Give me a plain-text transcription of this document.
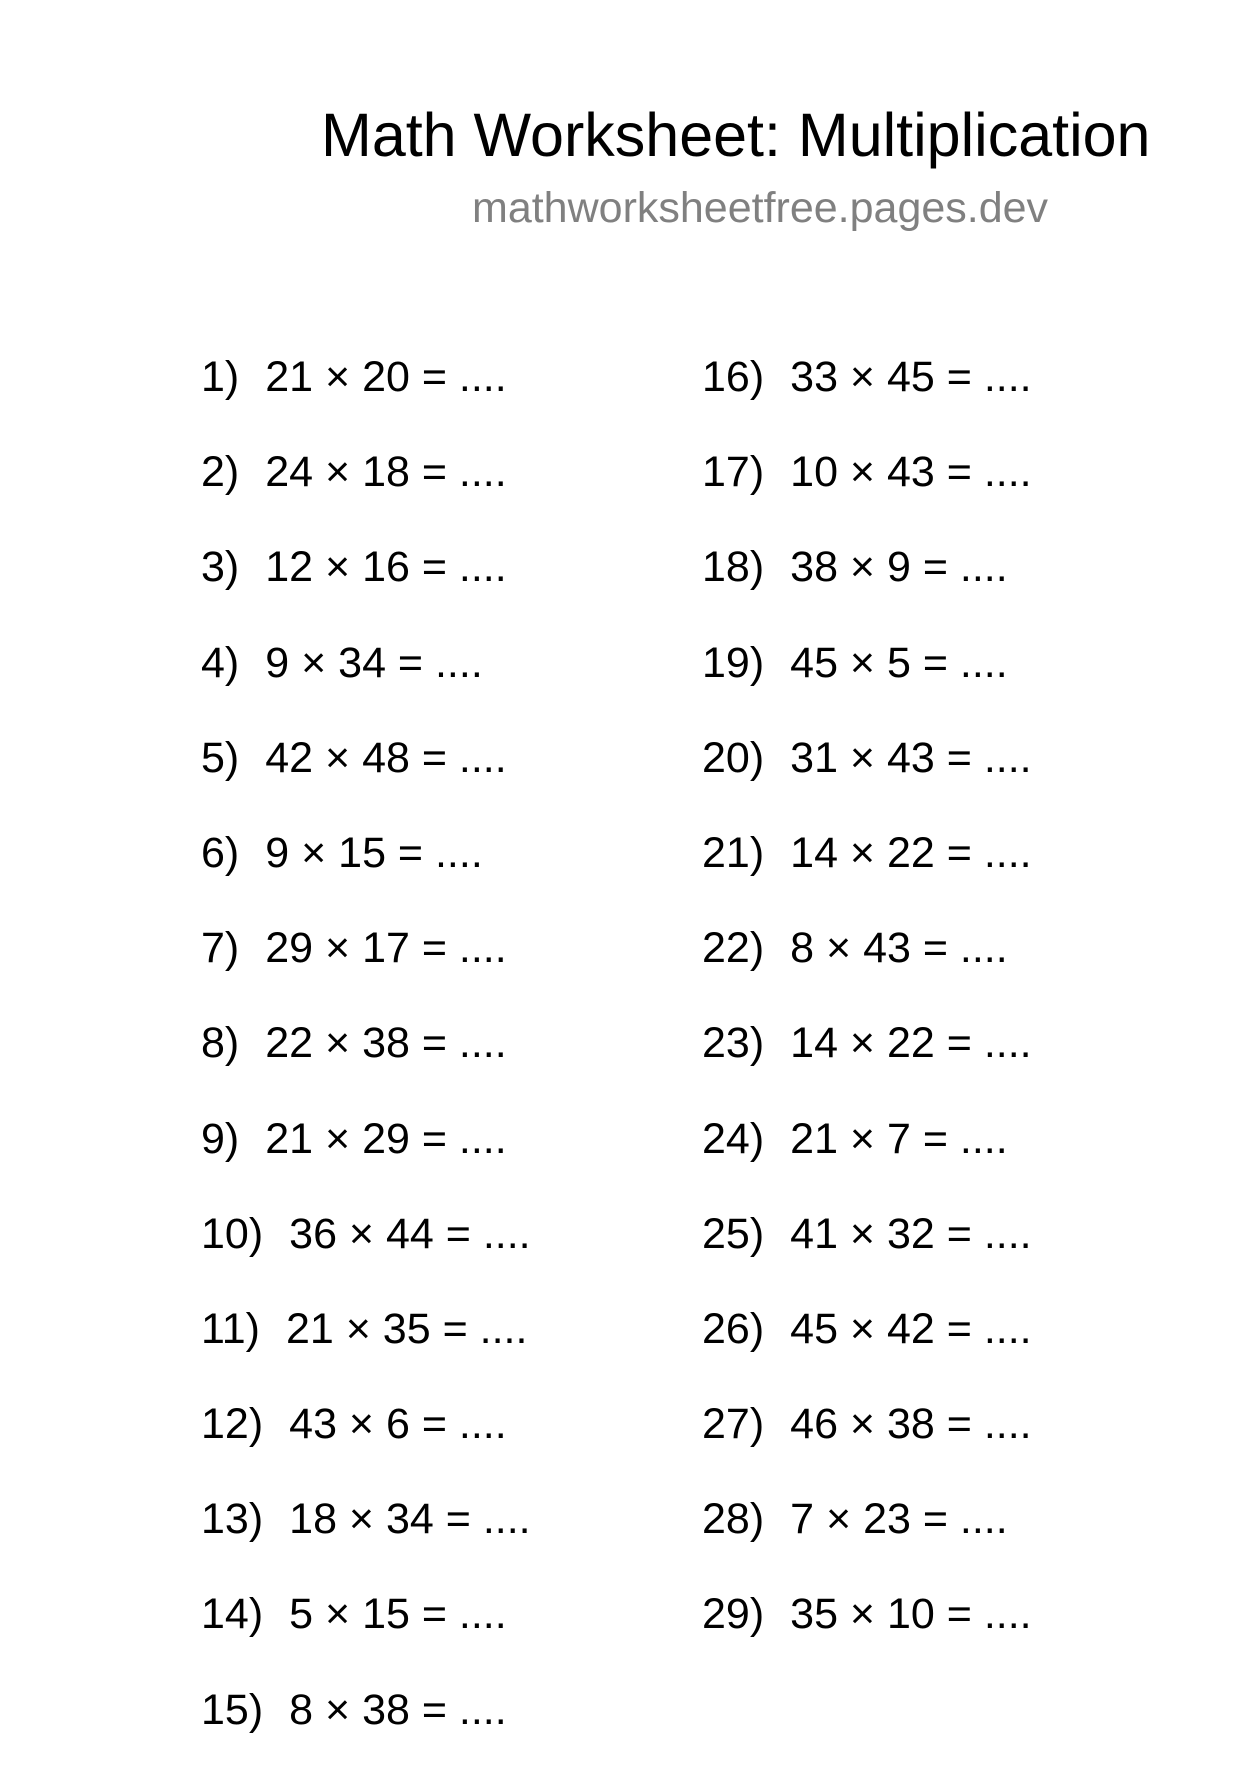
Math Worksheet: Multiplication

mathworksheetfree.pages.dev

1) 21 × 20 = ....
2) 24 × 18 = ....
3) 12 × 16 = ....
4) 9 × 34 = ....
5) 42 × 48 = ....
6) 9 × 15 = ....
7) 29 × 17 = ....
8) 22 × 38 = ....
9) 21 × 29 = ....
10) 36 × 44 = ....
11) 21 × 35 = ....
12) 43 × 6 = ....
13) 18 × 34 = ....
14) 5 × 15 = ....
15) 8 × 38 = ....
16) 33 × 45 = ....
17) 10 × 43 = ....
18) 38 × 9 = ....
19) 45 × 5 = ....
20) 31 × 43 = ....
21) 14 × 22 = ....
22) 8 × 43 = ....
23) 14 × 22 = ....
24) 21 × 7 = ....
25) 41 × 32 = ....
26) 45 × 42 = ....
27) 46 × 38 = ....
28) 7 × 23 = ....
29) 35 × 10 = ....
